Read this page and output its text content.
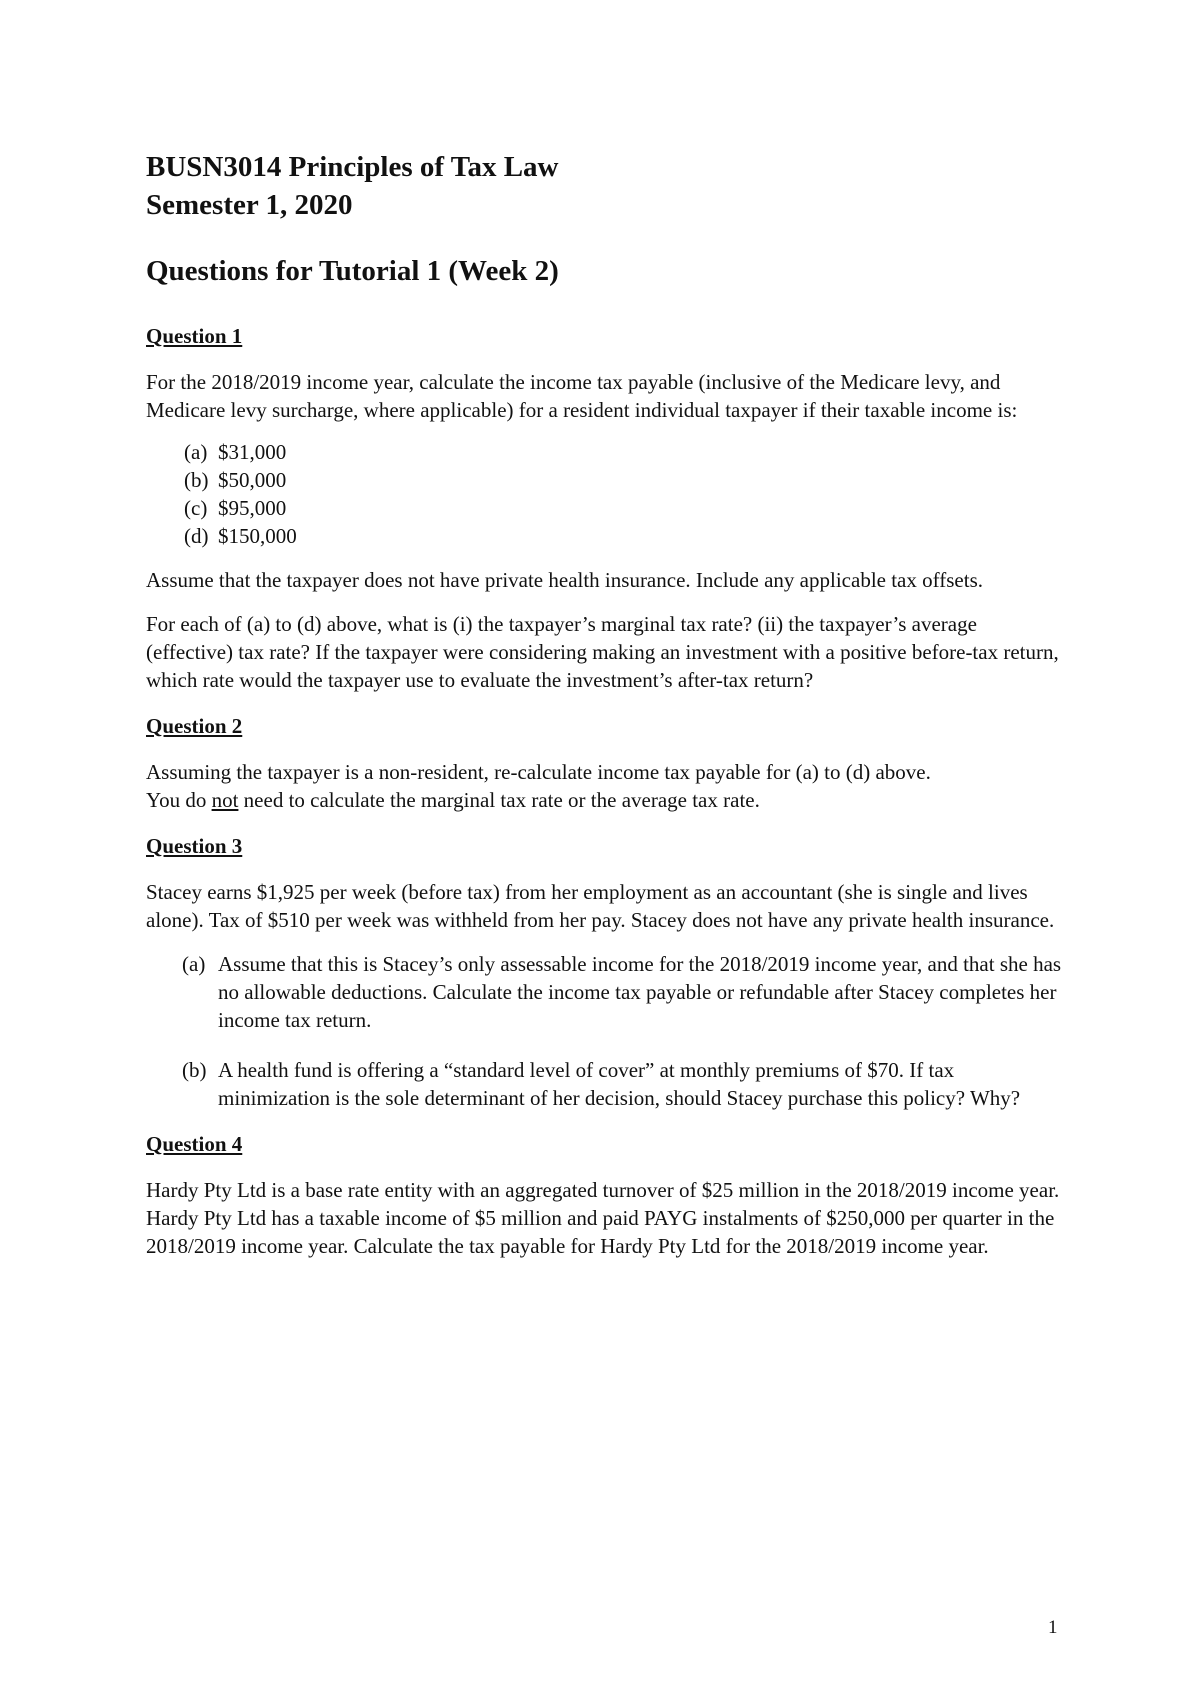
BUSN3014 Principles of Tax Law
Semester 1, 2020
Questions for Tutorial 1 (Week 2)
Question 1

For the 2018/2019 income year, calculate the income tax payable (inclusive of the Medicare levy, and Medicare levy surcharge, where applicable) for a resident individual taxpayer if their taxable income is:

(a) $31,000
(b) $50,000
(c) $95,000
(d) $150,000

Assume that the taxpayer does not have private health insurance. Include any applicable tax offsets.

For each of (a) to (d) above, what is (i) the taxpayer’s marginal tax rate? (ii) the taxpayer’s average (effective) tax rate? If the taxpayer were considering making an investment with a positive before-tax return, which rate would the taxpayer use to evaluate the investment’s after-tax return?

Question 2

Assuming the taxpayer is a non-resident, re-calculate income tax payable for (a) to (d) above.
You do not need to calculate the marginal tax rate or the average tax rate.

Question 3

Stacey earns $1,925 per week (before tax) from her employment as an accountant (she is single and lives alone). Tax of $510 per week was withheld from her pay. Stacey does not have any private health insurance.

(a) Assume that this is Stacey’s only assessable income for the 2018/2019 income year, and that she has no allowable deductions. Calculate the income tax payable or refundable after Stacey completes her income tax return.
(b) A health fund is offering a “standard level of cover” at monthly premiums of $70. If tax minimization is the sole determinant of her decision, should Stacey purchase this policy? Why?
Question 4

Hardy Pty Ltd is a base rate entity with an aggregated turnover of $25 million in the 2018/2019 income year. Hardy Pty Ltd has a taxable income of $5 million and paid PAYG instalments of $250,000 per quarter in the 2018/2019 income year. Calculate the tax payable for Hardy Pty Ltd for the 2018/2019 income year.

1
